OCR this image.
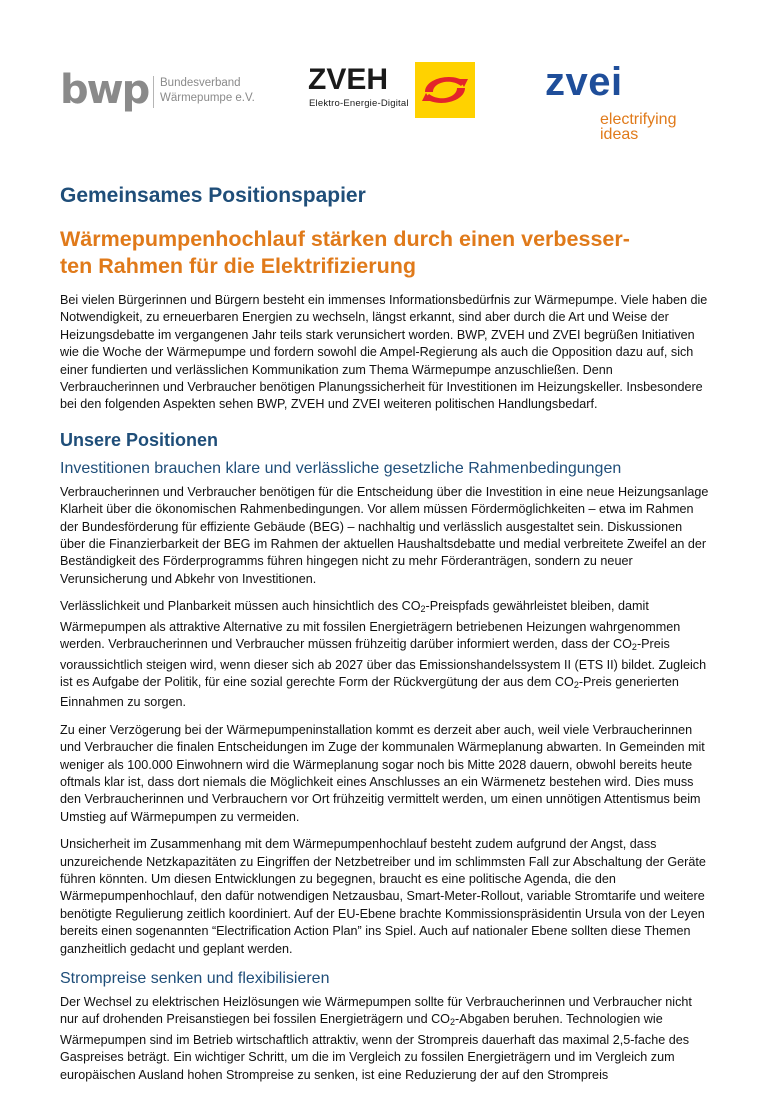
bwp Bundesverband
Wärmepumpe e.V.
ZVEH
Elektro-Energie-Digital	zvei
electrifying
ideas
Gemeinsames Positionspapier
Wärmepumpenhochlauf stärken durch einen verbesser-
ten Rahmen für die Elektrifizierung

Bei vielen Bürgerinnen und Bürgern besteht ein immenses Informationsbedürfnis zur Wärmepumpe. Viele haben die Notwendigkeit, zu erneuerbaren Energien zu wechseln, längst erkannt, sind aber durch die Art und Weise der Heizungsdebatte im vergangenen Jahr teils stark verunsichert worden. BWP, ZVEH und ZVEI begrüßen Initiativen wie die Woche der Wärmepumpe und fordern sowohl die Ampel-Regierung als auch die Opposition dazu auf, sich einer fundierten und verlässlichen Kommunikation zum Thema Wärmepumpe anzuschließen. Denn Verbraucherinnen und Verbraucher benötigen Planungssicherheit für Investitionen im Heizungskeller. Insbesondere bei den folgenden Aspekten sehen BWP, ZVEH und ZVEI weiteren politischen Handlungsbedarf.

Unsere Positionen
Investitionen brauchen klare und verlässliche gesetzliche Rahmenbedingungen

Verbraucherinnen und Verbraucher benötigen für die Entscheidung über die Investition in eine neue Heizungsanlage Klarheit über die ökonomischen Rahmenbedingungen. Vor allem müssen Fördermöglichkeiten – etwa im Rahmen der Bundesförderung für effiziente Gebäude (BEG) – nachhaltig und verlässlich ausgestaltet sein. Diskussionen über die Finanzierbarkeit der BEG im Rahmen der aktuellen Haushaltsdebatte und medial verbreitete Zweifel an der Beständigkeit des Förderprogramms führen hingegen nicht zu mehr Förderanträgen, sondern zu neuer Verunsicherung und Abkehr von Investitionen.

Verlässlichkeit und Planbarkeit müssen auch hinsichtlich des $CO_2$-Preispfads gewährleistet bleiben, damit Wärmepumpen als attraktive Alternative zu mit fossilen Energieträgern betriebenen Heizungen wahrgenommen werden. Verbraucherinnen und Verbraucher müssen frühzeitig darüber informiert werden, dass der $CO_2$-Preis voraussichtlich steigen wird, wenn dieser sich ab 2027 über das Emissionshandelssystem II (ETS II) bildet. Zugleich ist es Aufgabe der Politik, für eine sozial gerechte Form der Rückvergütung der aus dem $CO_2$-Preis generierten Einnahmen zu sorgen.

Zu einer Verzögerung bei der Wärmepumpeninstallation kommt es derzeit aber auch, weil viele Verbraucherinnen und Verbraucher die finalen Entscheidungen im Zuge der kommunalen Wärmeplanung abwarten. In Gemeinden mit weniger als 100.000 Einwohnern wird die Wärmeplanung sogar noch bis Mitte 2028 dauern, obwohl bereits heute oftmals klar ist, dass dort niemals die Möglichkeit eines Anschlusses an ein Wärmenetz bestehen wird. Dies muss den Verbraucherinnen und Verbrauchern vor Ort frühzeitig vermittelt werden, um einen unnötigen Attentismus beim Umstieg auf Wärmepumpen zu vermeiden.

Unsicherheit im Zusammenhang mit dem Wärmepumpenhochlauf besteht zudem aufgrund der Angst, dass unzureichende Netzkapazitäten zu Eingriffen der Netzbetreiber und im schlimmsten Fall zur Abschaltung der Geräte führen könnten. Um diesen Entwicklungen zu begegnen, braucht es eine politische Agenda, die den Wärmepumpenhochlauf, den dafür notwendigen Netzausbau, Smart-Meter-Rollout, variable Stromtarife und weitere benötigte Regulierung zeitlich koordiniert. Auf der EU-Ebene brachte Kommissionspräsidentin Ursula von der Leyen bereits einen sogenannten “Electrification Action Plan” ins Spiel. Auch auf nationaler Ebene sollten diese Themen ganzheitlich gedacht und geplant werden.

Strompreise senken und flexibilisieren

Der Wechsel zu elektrischen Heizlösungen wie Wärmepumpen sollte für Verbraucherinnen und Verbraucher nicht nur auf drohenden Preisanstiegen bei fossilen Energieträgern und $CO_2$-Abgaben beruhen. Technologien wie Wärmepumpen sind im Betrieb wirtschaftlich attraktiv, wenn der Strompreis dauerhaft das maximal 2,5-fache des Gaspreises beträgt. Ein wichtiger Schritt, um die im Vergleich zu fossilen Energieträgern und im Vergleich zum europäischen Ausland hohen Strompreise zu senken, ist eine Reduzierung der auf den Strompreis
